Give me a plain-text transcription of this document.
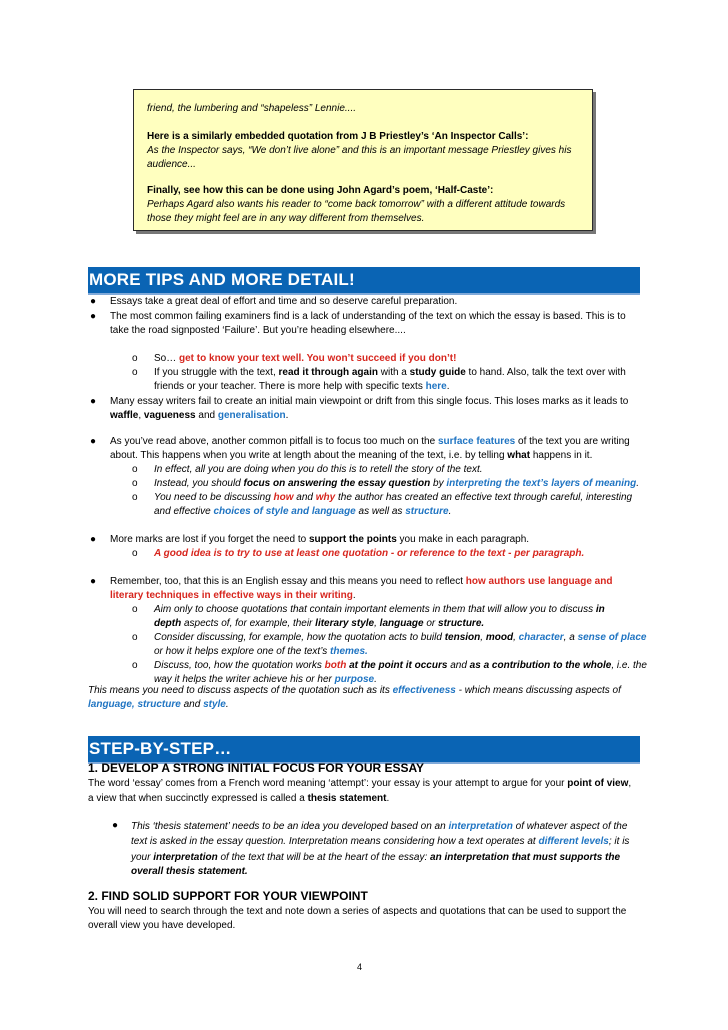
friend, the lumbering and “shapeless” Lennie....
Here is a similarly embedded quotation from J B Priestley’s ‘An Inspector Calls’:
As the Inspector says, “We don’t live alone” and this is an important message Priestley gives his
audience...
Finally, see how this can be done using John Agard’s poem, ‘Half-Caste’:
Perhaps Agard also wants his reader to “come back tomorrow” with a different attitude towards
those they might feel are in any way different from themselves.
MORE TIPS AND MORE DETAIL!
● Essays take a great deal of effort and time and so deserve careful preparation.
● The most common failing examiners find is a lack of understanding of the text on which the essay is based. This is to
take the road signposted ‘Failure’. But you’re heading elsewhere....
o So… get to know your text well. You won’t succeed if you don’t!
o If you struggle with the text, read it through again with a study guide to hand. Also, talk the text over with
friends or your teacher. There is more help with specific texts here.
● Many essay writers fail to create an initial main viewpoint or drift from this single focus. This loses marks as it leads to
waffle, vagueness and generalisation.
● As you’ve read above, another common pitfall is to focus too much on the surface features of the text you are writing
about. This happens when you write at length about the meaning of the text, i.e. by telling what happens in it.
o In effect, all you are doing when you do this is to retell the story of the text.
o Instead, you should focus on answering the essay question by interpreting the text’s layers of meaning.
o You need to be discussing how and why the author has created an effective text through careful, interesting
and effective choices of style and language as well as structure.
● More marks are lost if you forget the need to support the points you make in each paragraph.
o A good idea is to try to use at least one quotation - or reference to the text - per paragraph.
● Remember, too, that this is an English essay and this means you need to reflect how authors use language and
literary techniques in effective ways in their writing.
o Aim only to choose quotations that contain important elements in them that will allow you to discuss in
depth aspects of, for example, their literary style, language or structure.
o Consider discussing, for example, how the quotation acts to build tension, mood, character, a sense of place
or how it helps explore one of the text’s themes.
o Discuss, too, how the quotation works both at the point it occurs and as a contribution to the whole, i.e. the
way it helps the writer achieve his or her purpose.
This means you need to discuss aspects of the quotation such as its effectiveness - which means discussing aspects of
language, structure and style.
STEP-BY-STEP…
1. DEVELOP A STRONG INITIAL FOCUS FOR YOUR ESSAY
The word ‘essay’ comes from a French word meaning ‘attempt’: your essay is your attempt to argue for your point of view,
a view that when succinctly expressed is called a thesis statement.
● This ‘thesis statement’ needs to be an idea you developed based on an interpretation of whatever aspect of the
text is asked in the essay question. Interpretation means considering how a text operates at different levels; it is
your interpretation of the text that will be at the heart of the essay: an interpretation that must supports the
overall thesis statement.
2. FIND SOLID SUPPORT FOR YOUR VIEWPOINT
You will need to search through the text and note down a series of aspects and quotations that can be used to support the
overall view you have developed.
4
